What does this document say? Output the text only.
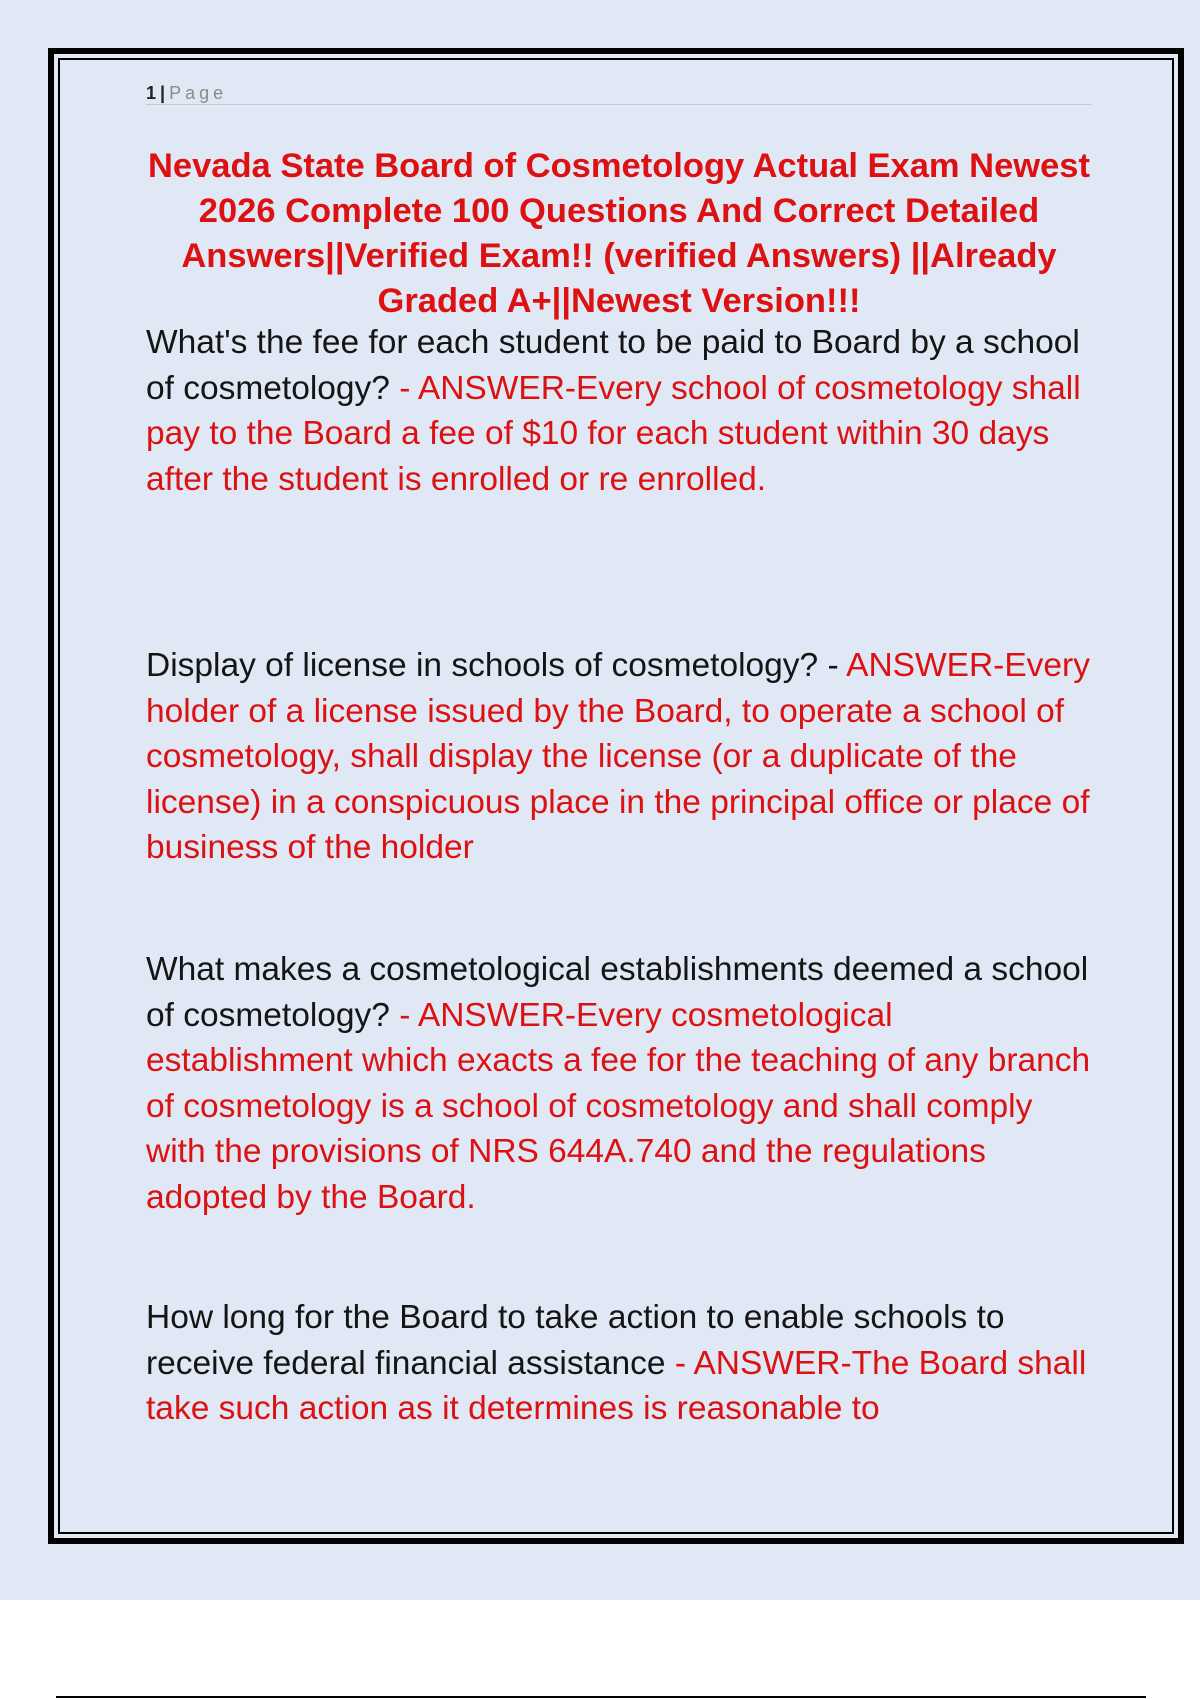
1 | Page

Nevada State Board of Cosmetology Actual Exam Newest 2026 Complete 100 Questions And Correct Detailed Answers||Verified Exam!! (verified Answers) ||Already Graded A+||Newest Version!!!

What's the fee for each student to be paid to Board by a school of cosmetology? - ANSWER-Every school of cosmetology shall pay to the Board a fee of $10 for each student within 30 days after the student is enrolled or re enrolled.

Display of license in schools of cosmetology? - ANSWER-Every holder of a license issued by the Board, to operate a school of cosmetology, shall display the license (or a duplicate of the license) in a conspicuous place in the principal office or place of business of the holder

What makes a cosmetological establishments deemed a school of cosmetology? - ANSWER-Every cosmetological establishment which exacts a fee for the teaching of any branch of cosmetology is a school of cosmetology and shall comply with the provisions of NRS 644A.740 and the regulations adopted by the Board.

How long for the Board to take action to enable schools to receive federal financial assistance - ANSWER-The Board shall take such action as it determines is reasonable to
